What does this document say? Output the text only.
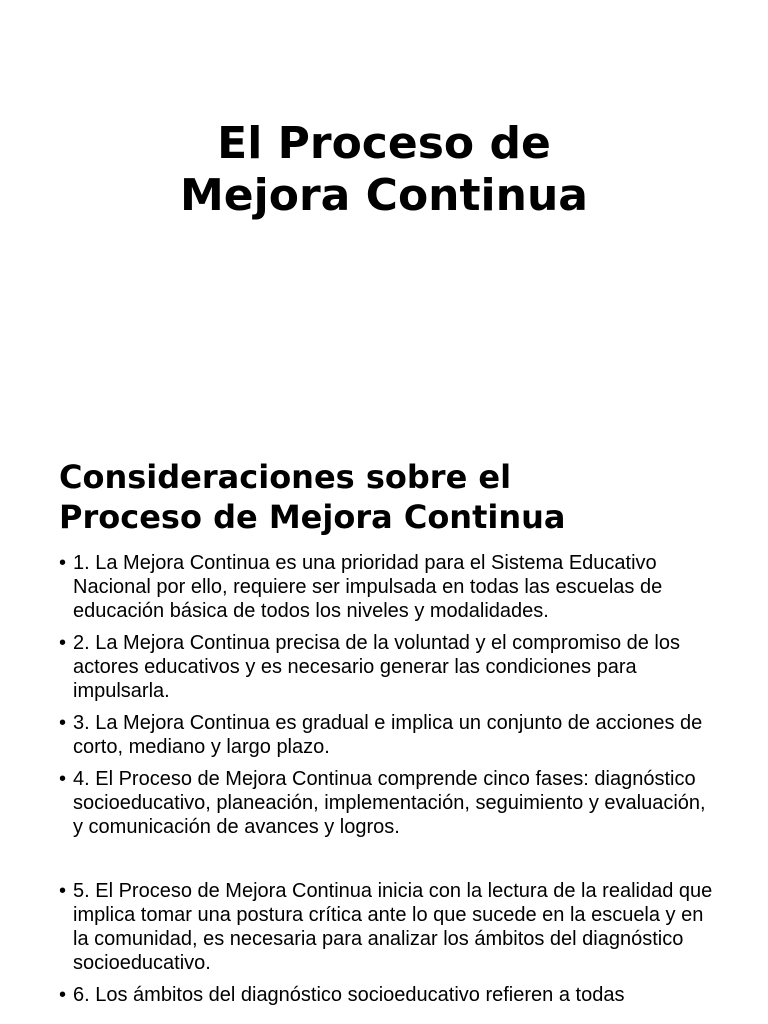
El Proceso de
Mejora Continua
Consideraciones sobre el
Proceso de Mejora Continua
• 1. La Mejora Continua es una prioridad para el Sistema Educativo Nacional por ello, requiere ser impulsada en todas las escuelas de educación básica de todos los niveles y modalidades.
• 2. La Mejora Continua precisa de la voluntad y el compromiso de los actores educativos y es necesario generar las condiciones para impulsarla.
• 3. La Mejora Continua es gradual e implica un conjunto de acciones de corto, mediano y largo plazo.
• 4. El Proceso de Mejora Continua comprende cinco fases: diagnóstico socioeducativo, planeación, implementación, seguimiento y evaluación, y comunicación de avances y logros.
• 5. El Proceso de Mejora Continua inicia con la lectura de la realidad que implica tomar una postura crítica ante lo que sucede en la escuela y en la comunidad, es necesaria para analizar los ámbitos del diagnóstico socioeducativo.
• 6. Los ámbitos del diagnóstico socioeducativo refieren a todas
